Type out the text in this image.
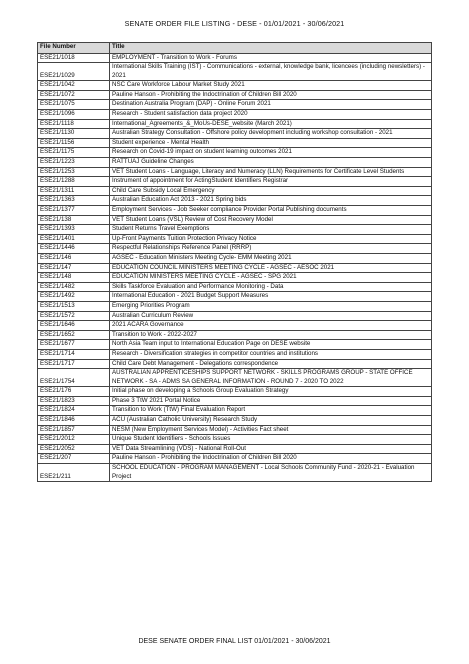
SENATE ORDER FILE LISTING - DESE - 01/01/2021 - 30/06/2021
File Number	Title
ESE21/1018	EMPLOYMENT - Transition to Work - Forums
ESE21/1029	International Skills Training (IST) - Communications - external, knowledge bank, licencees (including newsletters) - 2021
ESE21/1042	NSC Care Workforce Labour Market Study 2021
ESE21/1072	Pauline Hanson - Prohibiting the Indoctrination of Children Bill 2020
ESE21/1075	Destination Australia Program (DAP) - Online Forum 2021
ESE21/1096	Research - Student satisfaction data project 2020
ESE21/1118	International_Agreements_&_MoUs-DESE_website (March 2021)
ESE21/1130	Australian Strategy Consultation - Offshore policy development including workshop consultation - 2021
ESE21/1156	Student experience - Mental Health
ESE21/1175	Research on Covid-19 impact on student learning outcomes 2021
ESE21/1223	RATTUAJ Guideline Changes
ESE21/1253	VET Student Loans - Language, Literacy and Numeracy (LLN) Requirements for Certificate Level Students
ESE21/1288	Instrument of appointment for ActingStudent Identifiers Registrar
ESE21/1311	Child Care Subsidy Local Emergency
ESE21/1363	Australian Education Act 2013 - 2021 Spring bids
ESE21/1377	Employment Services - Job Seeker compliance Provider Portal Publishing documents
ESE21/138	VET Student Loans (VSL) Review of Cost Recovery Model
ESE21/1393	Student Returns Travel Exemptions
ESE21/1401	Up-Front Payments Tuition Protection Privacy Notice
ESE21/1446	Respectful Relationships Reference Panel (RRRP)
ESE21/146	AGSEC - Education Ministers Meeting Cycle- EMM Meeting 2021
ESE21/147	EDUCATION COUNCIL MINISTERS MEETING CYCLE - AGSEC - AESOC 2021
ESE21/148	EDUCATION MINISTERS MEETING CYCLE - AGSEC - SPG 2021
ESE21/1482	Skills Taskforce Evaluation and Performance Monitoring - Data
ESE21/1492	International Education - 2021 Budget Support Measures
ESE21/1513	Emerging Priorities Program
ESE21/1572	Australian Curriculum Review
ESE21/1646	2021 ACARA Governance
ESE21/1652	Transition to Work - 2022-2027
ESE21/1677	North Asia Team input to International Education Page on DESE website
ESE21/1714	Research - Diversification strategies in competitor countries and institutions
ESE21/1717	Child Care Debt Management - Delegations correspondence
ESE21/1754	AUSTRALIAN APPRENTICESHIPS SUPPORT NETWORK - SKILLS PROGRAMS GROUP - STATE OFFICE NETWORK - SA - ADMS SA GENERAL INFORMATION - ROUND 7 - 2020 TO 2022
ESE21/176	Initial phase on developing a Schools Group Evaluation Strategy
ESE21/1823	Phase 3 TtW 2021 Portal Notice
ESE21/1824	Transition to Work (TtW) Final Evaluation Report
ESE21/1846	ACU (Australian Catholic University) Research Study
ESE21/1857	NESM (New Employment Services Model) - Activities Fact sheet
ESE21/2012	Unique Student Identifiers - Schools Issues
ESE21/2052	VET Data Streamlining (VDS) - National Roll-Out
ESE21/207	Pauline Hanson - Prohibiting the Indoctrination of Children Bill 2020
ESE21/211	SCHOOL EDUCATION - PROGRAM MANAGEMENT - Local Schools Community Fund - 2020-21 - Evaluation Project
DESE SENATE ORDER FINAL LIST 01/01/2021 - 30/06/2021
